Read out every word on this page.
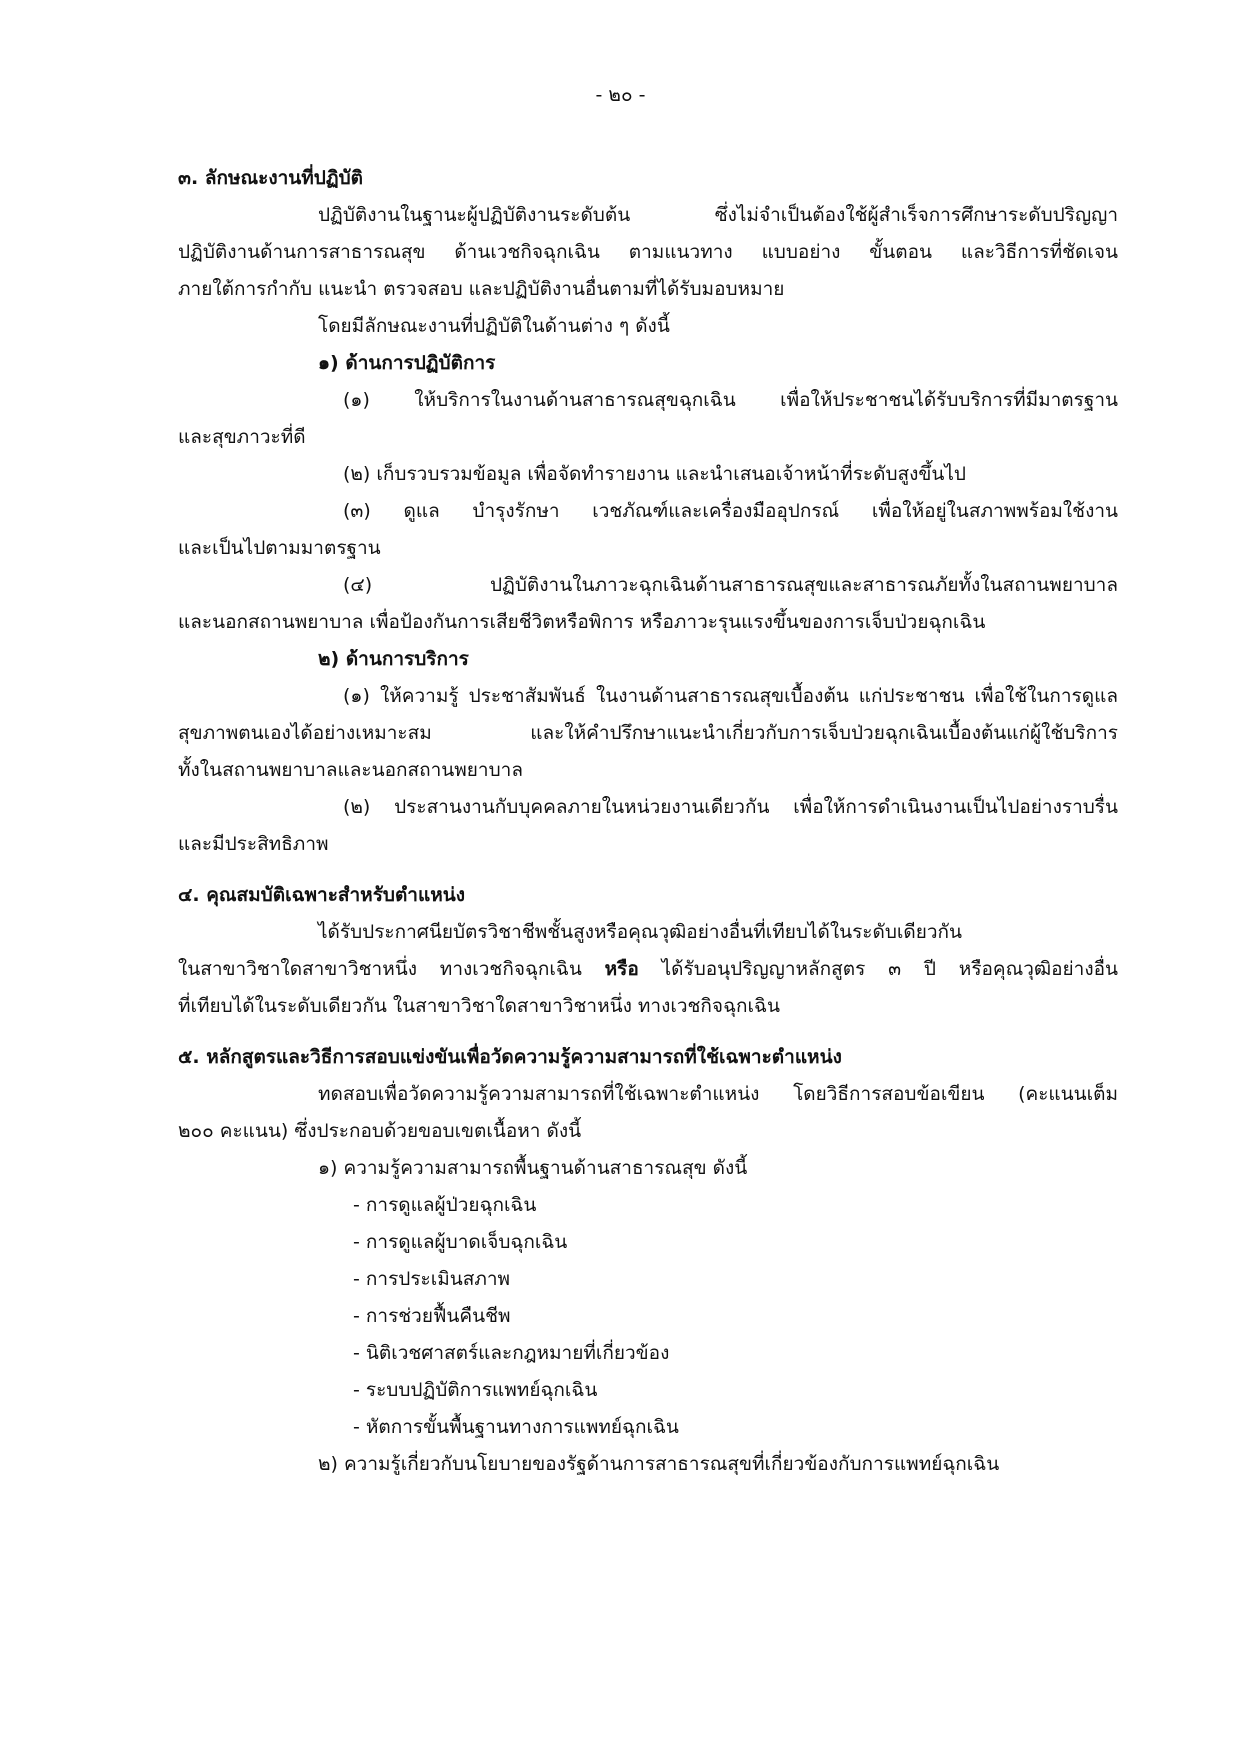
- ๒๐ -
๓. ลักษณะงานที่ปฏิบัติ
ปฏิบัติงานในฐานะผู้ปฏิบัติงานระดับต้น ซึ่งไม่จำเป็นต้องใช้ผู้สำเร็จการศึกษาระดับปริญญา
ปฏิบัติงานด้านการสาธารณสุข ด้านเวชกิจฉุกเฉิน ตามแนวทาง แบบอย่าง ขั้นตอน และวิธีการที่ชัดเจน
ภายใต้การกำกับ แนะนำ ตรวจสอบ และปฏิบัติงานอื่นตามที่ได้รับมอบหมาย
โดยมีลักษณะงานที่ปฏิบัติในด้านต่าง ๆ ดังนี้
๑) ด้านการปฏิบัติการ
(๑) ให้บริการในงานด้านสาธารณสุขฉุกเฉิน เพื่อให้ประชาชนได้รับบริการที่มีมาตรฐาน
และสุขภาวะที่ดี
(๒) เก็บรวบรวมข้อมูล เพื่อจัดทำรายงาน และนำเสนอเจ้าหน้าที่ระดับสูงขึ้นไป
(๓) ดูแล บำรุงรักษา เวชภัณฑ์และเครื่องมืออุปกรณ์ เพื่อให้อยู่ในสภาพพร้อมใช้งาน
และเป็นไปตามมาตรฐาน
(๔) ปฏิบัติงานในภาวะฉุกเฉินด้านสาธารณสุขและสาธารณภัยทั้งในสถานพยาบาล
และนอกสถานพยาบาล เพื่อป้องกันการเสียชีวิตหรือพิการ หรือภาวะรุนแรงขึ้นของการเจ็บป่วยฉุกเฉิน
๒) ด้านการบริการ
(๑) ให้ความรู้ ประชาสัมพันธ์ ในงานด้านสาธารณสุขเบื้องต้น แก่ประชาชน เพื่อใช้ในการดูแล
สุขภาพตนเองได้อย่างเหมาะสม และให้คำปรึกษาแนะนำเกี่ยวกับการเจ็บป่วยฉุกเฉินเบื้องต้นแก่ผู้ใช้บริการ
ทั้งในสถานพยาบาลและนอกสถานพยาบาล
(๒) ประสานงานกับบุคคลภายในหน่วยงานเดียวกัน เพื่อให้การดำเนินงานเป็นไปอย่างราบรื่น
และมีประสิทธิภาพ
๔. คุณสมบัติเฉพาะสำหรับตำแหน่ง
ได้รับประกาศนียบัตรวิชาชีพชั้นสูงหรือคุณวุฒิอย่างอื่นที่เทียบได้ในระดับเดียวกัน
ในสาขาวิชาใดสาขาวิชาหนึ่ง ทางเวชกิจฉุกเฉิน หรือ ได้รับอนุปริญญาหลักสูตร ๓ ปี หรือคุณวุฒิอย่างอื่น
ที่เทียบได้ในระดับเดียวกัน ในสาขาวิชาใดสาขาวิชาหนึ่ง ทางเวชกิจฉุกเฉิน
๕. หลักสูตรและวิธีการสอบแข่งขันเพื่อวัดความรู้ความสามารถที่ใช้เฉพาะตำแหน่ง
ทดสอบเพื่อวัดความรู้ความสามารถที่ใช้เฉพาะตำแหน่ง โดยวิธีการสอบข้อเขียน (คะแนนเต็ม
๒๐๐ คะแนน) ซึ่งประกอบด้วยขอบเขตเนื้อหา ดังนี้
๑) ความรู้ความสามารถพื้นฐานด้านสาธารณสุข ดังนี้
- การดูแลผู้ป่วยฉุกเฉิน
- การดูแลผู้บาดเจ็บฉุกเฉิน
- การประเมินสภาพ
- การช่วยฟื้นคืนชีพ
- นิติเวชศาสตร์และกฎหมายที่เกี่ยวข้อง
- ระบบปฏิบัติการแพทย์ฉุกเฉิน
- หัตการขั้นพื้นฐานทางการแพทย์ฉุกเฉิน
๒) ความรู้เกี่ยวกับนโยบายของรัฐด้านการสาธารณสุขที่เกี่ยวข้องกับการแพทย์ฉุกเฉิน
